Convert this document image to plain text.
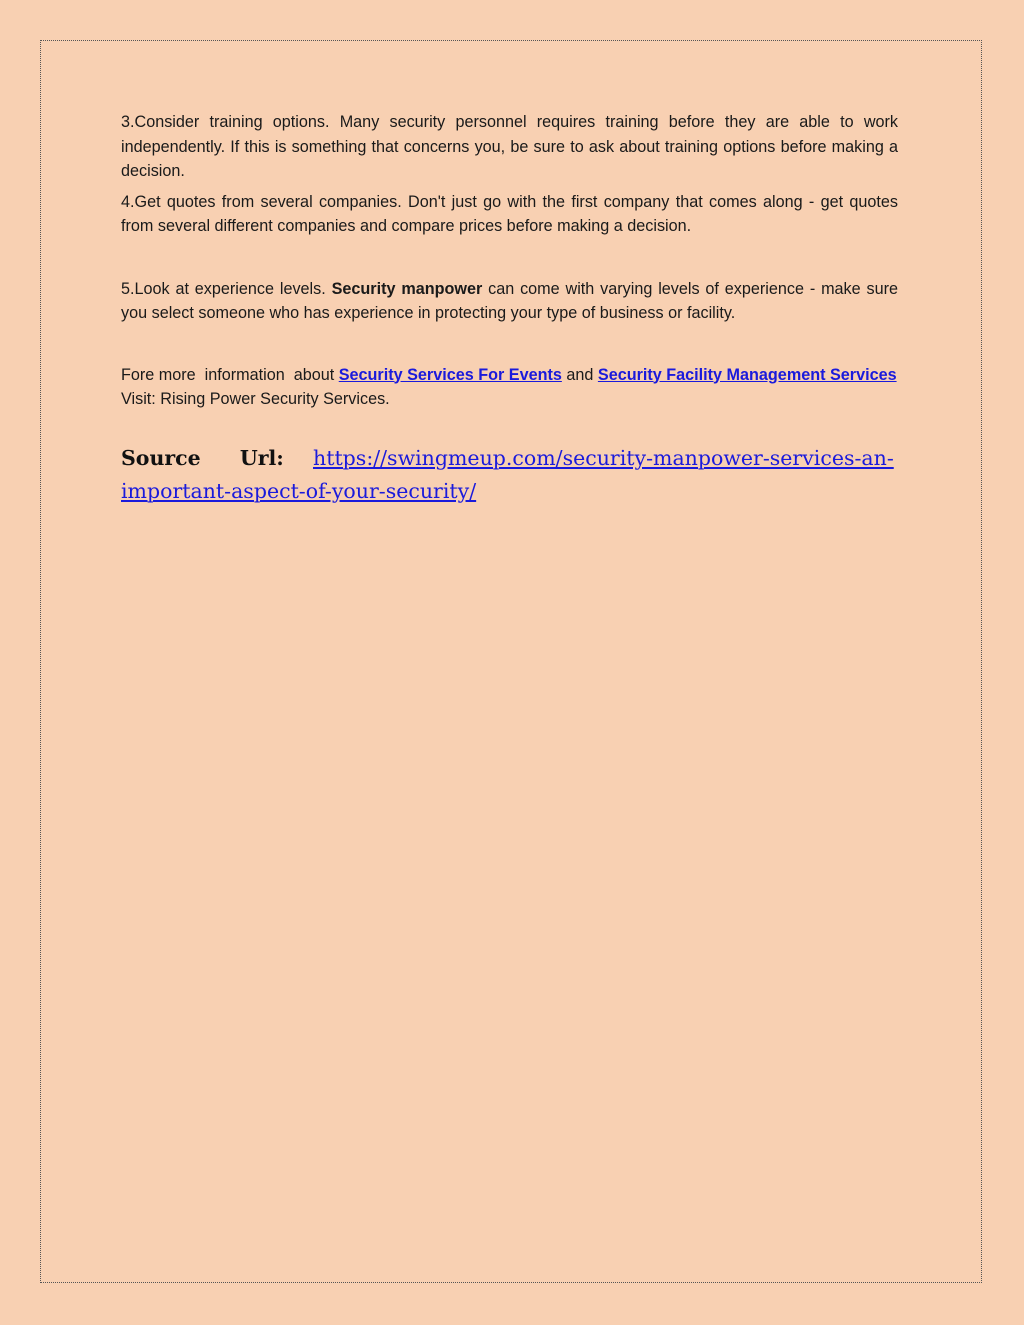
3.Consider training options. Many security personnel requires training before they are able to work independently. If this is something that concerns you, be sure to ask about training options before making a decision.

4.Get quotes from several companies. Don't just go with the first company that comes along - get quotes from several different companies and compare prices before making a decision.

5.Look at experience levels. Security manpower can come with varying levels of experience - make sure you select someone who has experience in protecting your type of business or facility.

Fore more  information  about Security Services For Events and Security Facility Management Services Visit: Rising Power Security Services.

Source Url: https://swingmeup.com/security-manpower-services-an-important-aspect-of-your-security/
